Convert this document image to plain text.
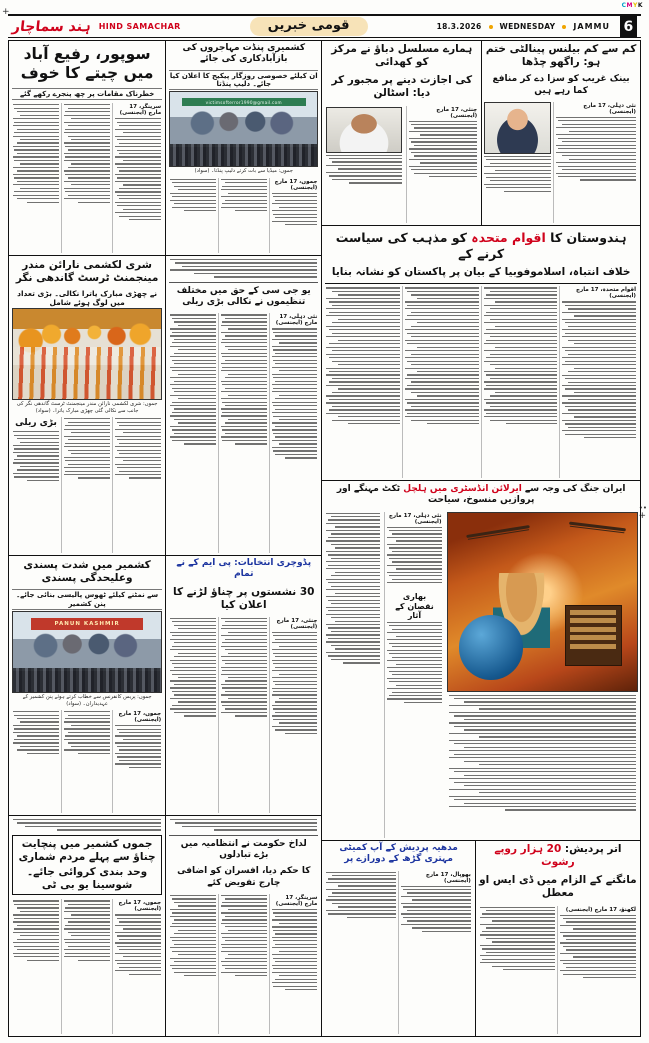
+
+
••
CMYK
ہند سماچار HIND SAMACHAR	قومی خبریں	18.3.2026 WEDNESDAY JAMMU 6
کم سے کم بیلنس پینالٹی ختم ہو: راگھو چڈھا
بینک غریب کو سزا دے کر منافع کما رہے ہیں
نئی دہلی، 17 مارچ (ایجنسی)
ہمارے مسلسل دباؤ نے مرکز کو کھدائی
کی اجازت دینے پر مجبور کر دیا: اسٹالن
چنئی، 17 مارچ (ایجنسی)
ہندوستان کا اقوام متحدہ کو مذہب کی سیاست کرنے کے
خلاف انتباہ، اسلاموفوبیا کے بیان پر پاکستان کو نشانہ بنایا
اقوام متحدہ، 17 مارچ (ایجنسی)
ایران جنگ کی وجہ سے ایرلائن انڈسٹری میں ہلچل ٹکٹ مہنگے اور پروازیں منسوخ، سیاحت
نئی دہلی، 17 مارچ (ایجنسی)
بھاری نقصان کے آثار
اتر پردیش: 20 ہزار روپے رشوت
مانگنے کے الزام میں ڈی ایس او معطل
لکھنؤ، 17 مارچ (ایجنسی)
مدھیہ پردیش کے آپ کمیٹی مہتری گڑھ کے دورازے پر
بھوپال، 17 مارچ (ایجنسی)
کشمیری پنڈت مہاجروں کی بازآبادکاری کی جائے
ان کیلئے خصوصی روزگار پیکیج کا اعلان کیا جائے۔ دلیپ پنڈتا
victimsofterror1990@gmail.com
جموں: میڈیا سے بات کرتے دلیپ پنڈتا۔ (سواد)
جموں، 17 مارچ (ایجنسی)
سوپور، رفیع آباد میں چیتے کا خوف
خطرناک مقامات پر چھ پنجرے رکھے گئے
سرینگر، 17 مارچ (ایجنسی)
یو جی سی کے حق میں مختلف تنظیموں نے نکالی بڑی ریلی
نئی دہلی، 17 مارچ (ایجنسی)
شری لکشمی نارائن مندر مینجمنٹ ٹرسٹ گاندھی نگر
نے چھڑی مبارک یاترا نکالی۔ بڑی تعداد میں لوگ ہوئے شامل
جموں: شری لکشمی نارائن مندر مینجمنٹ ٹرسٹ گاندھی نگر کی جانب سے نکالی گئی چھڑی مبارک یاترا۔ (سواد)
بڑی ریلی
پڈوچری انتخابات: پی ایم کے نے تمام
30 نشستوں پر چناؤ لڑنے کا اعلان کیا
چنئی، 17 مارچ (ایجنسی)
کشمیر میں شدت پسندی وعلیحدگی پسندی
سے نمٹنے کیلئے ٹھوس پالیسی بنائی جائے۔ پنن کشمیر
PANUN KASHMIR
جموں: پریس کانفرنس سے خطاب کرتے ہوئے پنن کشمیر کے عہدیداران۔ (سواد)
جموں، 17 مارچ (ایجنسی)
لداخ حکومت نے انتظامیہ میں بڑے تبادلوں
کا حکم دیا، افسران کو اضافی چارج تفویض کئے
سرینگر، 17 مارچ (ایجنسی)
جموں کشمیر میں پنچایت چناؤ سے پہلے مردم شماری
وحد بندی کروائی جائے۔ شوسینا یو بی ٹی
جموں، 17 مارچ (ایجنسی)
